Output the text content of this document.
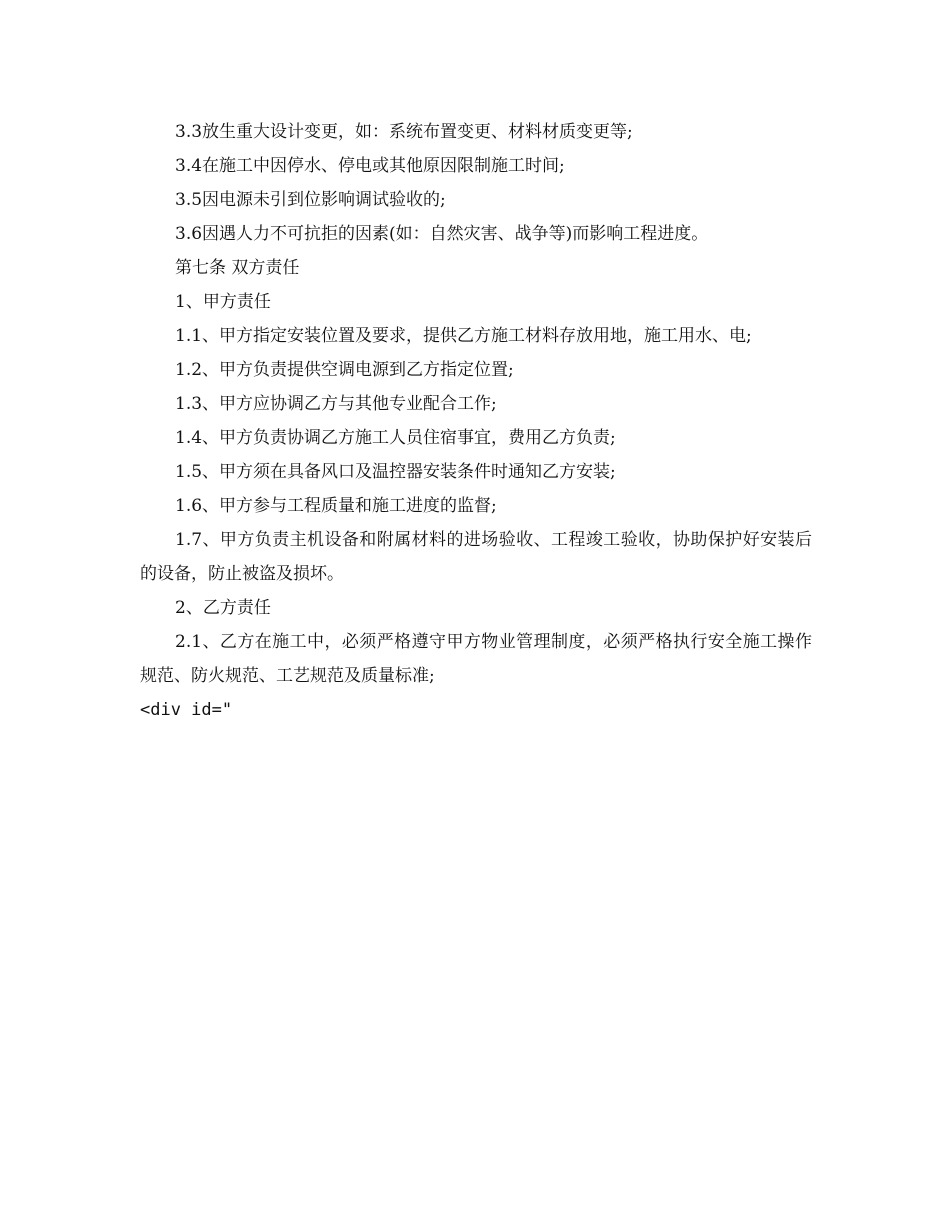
3.3放生重大设计变更，如：系统布置变更、材料材质变更等;

3.4在施工中因停水、停电或其他原因限制施工时间;

3.5因电源未引到位影响调试验收的;

3.6因遇人力不可抗拒的因素(如：自然灾害、战争等)而影响工程进度。

第七条 双方责任

1、甲方责任

1.1、甲方指定安装位置及要求，提供乙方施工材料存放用地，施工用水、电;

1.2、甲方负责提供空调电源到乙方指定位置;

1.3、甲方应协调乙方与其他专业配合工作;

1.4、甲方负责协调乙方施工人员住宿事宜，费用乙方负责;

1.5、甲方须在具备风口及温控器安装条件时通知乙方安装;

1.6、甲方参与工程质量和施工进度的监督;

1.7、甲方负责主机设备和附属材料的进场验收、工程竣工验收，协助保护好安装后的设备，防止被盗及损坏。

2、乙方责任

2.1、乙方在施工中，必须严格遵守甲方物业管理制度，必须严格执行安全施工操作规范、防火规范、工艺规范及质量标准;

<div id="
